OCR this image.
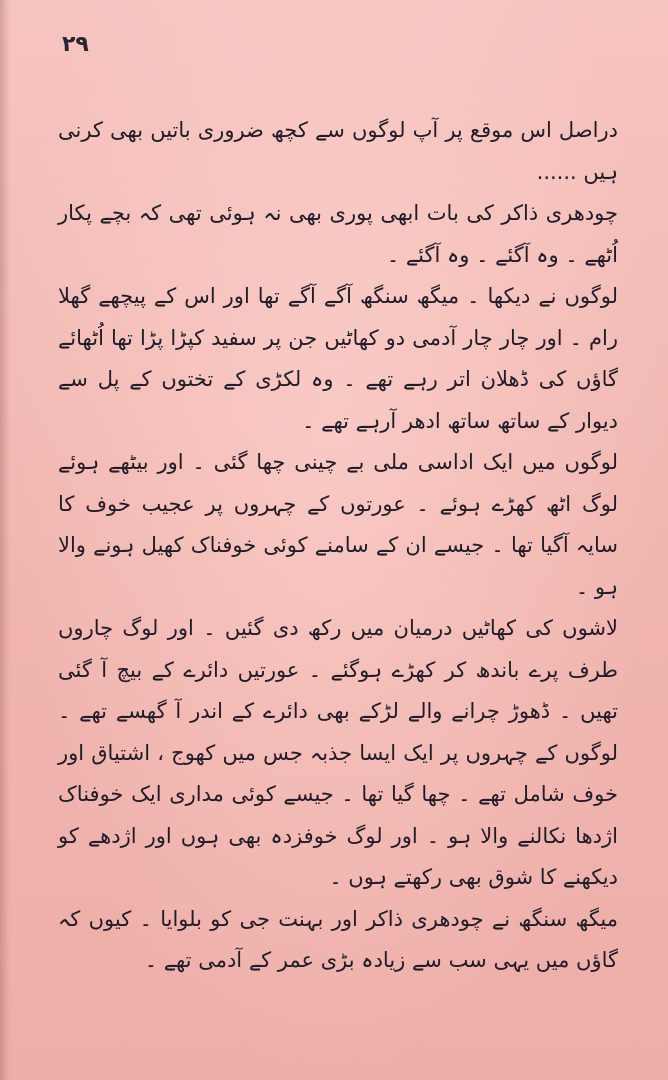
۲۹

دراصل اس موقع پر آپ لوگوں سے کچھ ضروری باتیں بھی کرنی ہیں ......

چودھری ذاکر کی بات ابھی پوری بھی نہ ہوئی تھی کہ بچے پکار اُٹھے ۔ وہ آگئے ۔ وہ آگئے ۔

لوگوں نے دیکھا ۔ میگھ سنگھ آگے آگے تھا اور اس کے پیچھے گھلا رام ۔ اور چار چار آدمی دو کھاٹیں جن پر سفید کپڑا پڑا تھا اُٹھائے گاؤں کی ڈھلان اتر رہے تھے ۔ وہ لکڑی کے تختوں کے پل سے دیوار کے ساتھ ساتھ ادھر آرہے تھے ۔

لوگوں میں ایک اداسی ملی بے چینی چھا گئی ۔ اور بیٹھے ہوئے لوگ اٹھ کھڑے ہوئے ۔ عورتوں کے چہروں پر عجیب خوف کا سایہ آگیا تھا ۔ جیسے ان کے سامنے کوئی خوفناک کھیل ہونے والا ہو ۔

لاشوں کی کھاٹیں درمیان میں رکھ دی گئیں ۔ اور لوگ چاروں طرف پرے باندھ کر کھڑے ہوگئے ۔ عورتیں دائرے کے بیچ آ گئی تھیں ۔ ڈھوڑ چرانے والے لڑکے بھی دائرے کے اندر آ گھسے تھے ۔ لوگوں کے چہروں پر ایک ایسا جذبہ جس میں کھوج ، اشتیاق اور خوف شامل تھے ۔ چھا گیا تھا ۔ جیسے کوئی مداری ایک خوفناک اژدھا نکالنے والا ہو ۔ اور لوگ خوفزدہ بھی ہوں اور اژدھے کو دیکھنے کا شوق بھی رکھتے ہوں ۔

میگھ سنگھ نے چودھری ذاکر اور بہنت جی کو بلوایا ۔ کیوں کہ گاؤں میں یہی سب سے زیادہ بڑی عمر کے آدمی تھے ۔
